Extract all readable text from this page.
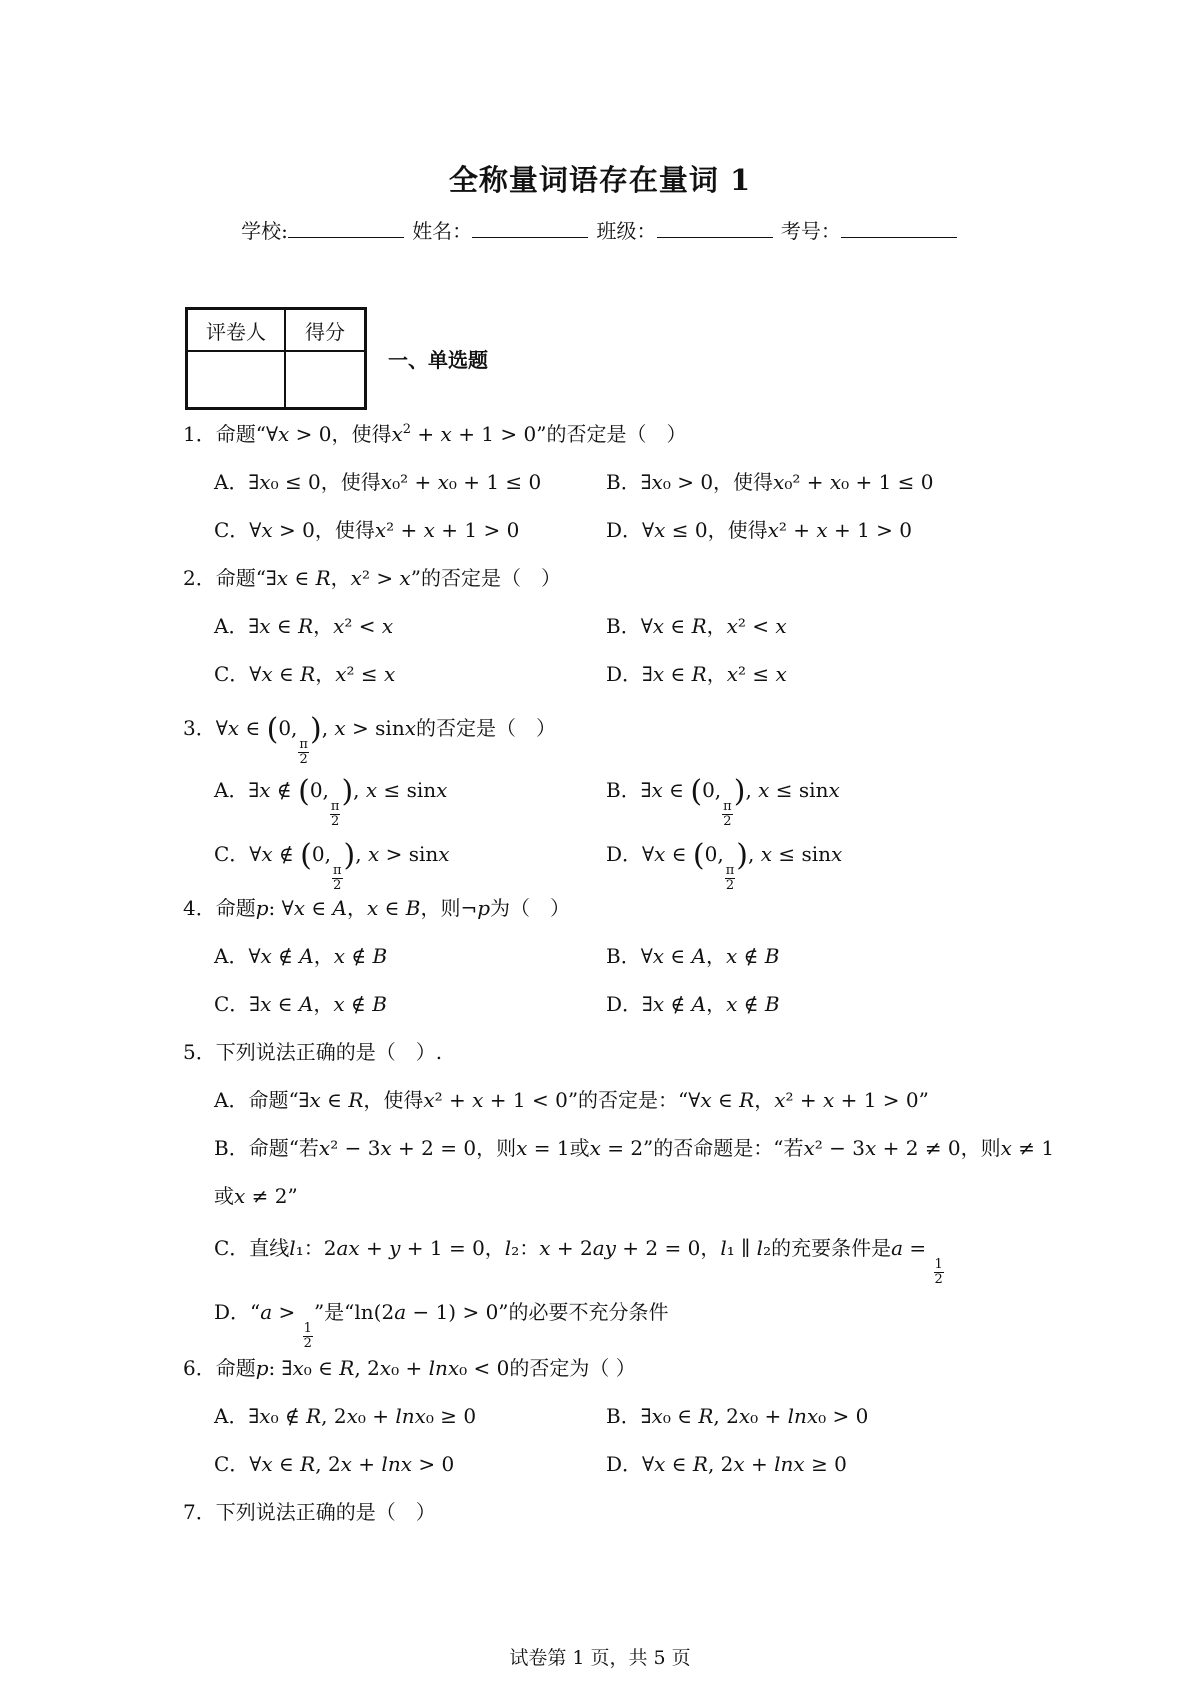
全称量词语存在量词 1
学校:	姓名：	班级：	考号：
评卷人	得分

一、单选题
1．命题“∀𝑥 > 0，使得𝑥$^2$ + 𝑥 + 1 > 0”的否定是（　）
A．∃𝑥₀ ≤ 0，使得𝑥₀² + 𝑥₀ + 1 ≤ 0	B．∃𝑥₀ > 0，使得𝑥₀² + 𝑥₀ + 1 ≤ 0
C．∀𝑥 > 0，使得𝑥² + 𝑥 + 1 > 0	D．∀𝑥 ≤ 0，使得𝑥² + 𝑥 + 1 > 0
2．命题“∃𝑥 ∈ 𝑅，𝑥² > 𝑥”的否定是（　）
A．∃𝑥 ∈ 𝑅，𝑥² < 𝑥	B．∀𝑥 ∈ 𝑅，𝑥² < 𝑥
C．∀𝑥 ∈ 𝑅，𝑥² ≤ 𝑥	D．∃𝑥 ∈ 𝑅，𝑥² ≤ 𝑥
3．∀𝑥 ∈ (0,
$\frac{\pi}{2}$
), 𝑥 > sin𝑥的否定是（　）
A．∃𝑥 ∉ (0,
$\frac{\pi}{2}$
), 𝑥 ≤ sin𝑥	B．∃𝑥 ∈ (0,
$\frac{\pi}{2}$
), 𝑥 ≤ sin𝑥
C．∀𝑥 ∉ (0,
$\frac{\pi}{2}$
), 𝑥 > sin𝑥	D．∀𝑥 ∈ (0,
$\frac{\pi}{2}$
), 𝑥 ≤ sin𝑥
4．命题𝑝: ∀𝑥 ∈ 𝐴，𝑥 ∈ 𝐵，则¬𝑝为（　）
A．∀𝑥 ∉ 𝐴，𝑥 ∉ 𝐵	B．∀𝑥 ∈ 𝐴，𝑥 ∉ 𝐵
C．∃𝑥 ∈ 𝐴，𝑥 ∉ 𝐵	D．∃𝑥 ∉ 𝐴，𝑥 ∉ 𝐵
5．下列说法正确的是（　）.
A．命题“∃𝑥 ∈ 𝑅，使得𝑥² + 𝑥 + 1 < 0”的否定是：“∀𝑥 ∈ 𝑅，𝑥² + 𝑥 + 1 > 0”
B．命题“若𝑥² − 3𝑥 + 2 = 0，则𝑥 = 1或𝑥 = 2”的否命题是：“若𝑥² − 3𝑥 + 2 ≠ 0，则𝑥 ≠ 1
或𝑥 ≠ 2”
C．直线𝑙₁：2𝑎𝑥 + 𝑦 + 1 = 0，𝑙₂：𝑥 + 2𝑎𝑦 + 2 = 0，𝑙₁ ∥ 𝑙₂的充要条件是𝑎 =
$\frac{1}{2}$
D．“𝑎 >
$\frac{1}{2}$
”是“ln(2𝑎 − 1) > 0”的必要不充分条件
6．命题𝑝: ∃𝑥₀ ∈ 𝑅, 2𝑥₀ + 𝑙𝑛𝑥₀ < 0的否定为（ ）
A．∃𝑥₀ ∉ 𝑅, 2𝑥₀ + 𝑙𝑛𝑥₀ ≥ 0	B．∃𝑥₀ ∈ 𝑅, 2𝑥₀ + 𝑙𝑛𝑥₀ > 0
C．∀𝑥 ∈ 𝑅, 2𝑥 + 𝑙𝑛𝑥 > 0	D．∀𝑥 ∈ 𝑅, 2𝑥 + 𝑙𝑛𝑥 ≥ 0
7．下列说法正确的是（　）
试卷第 1 页，共 5 页
